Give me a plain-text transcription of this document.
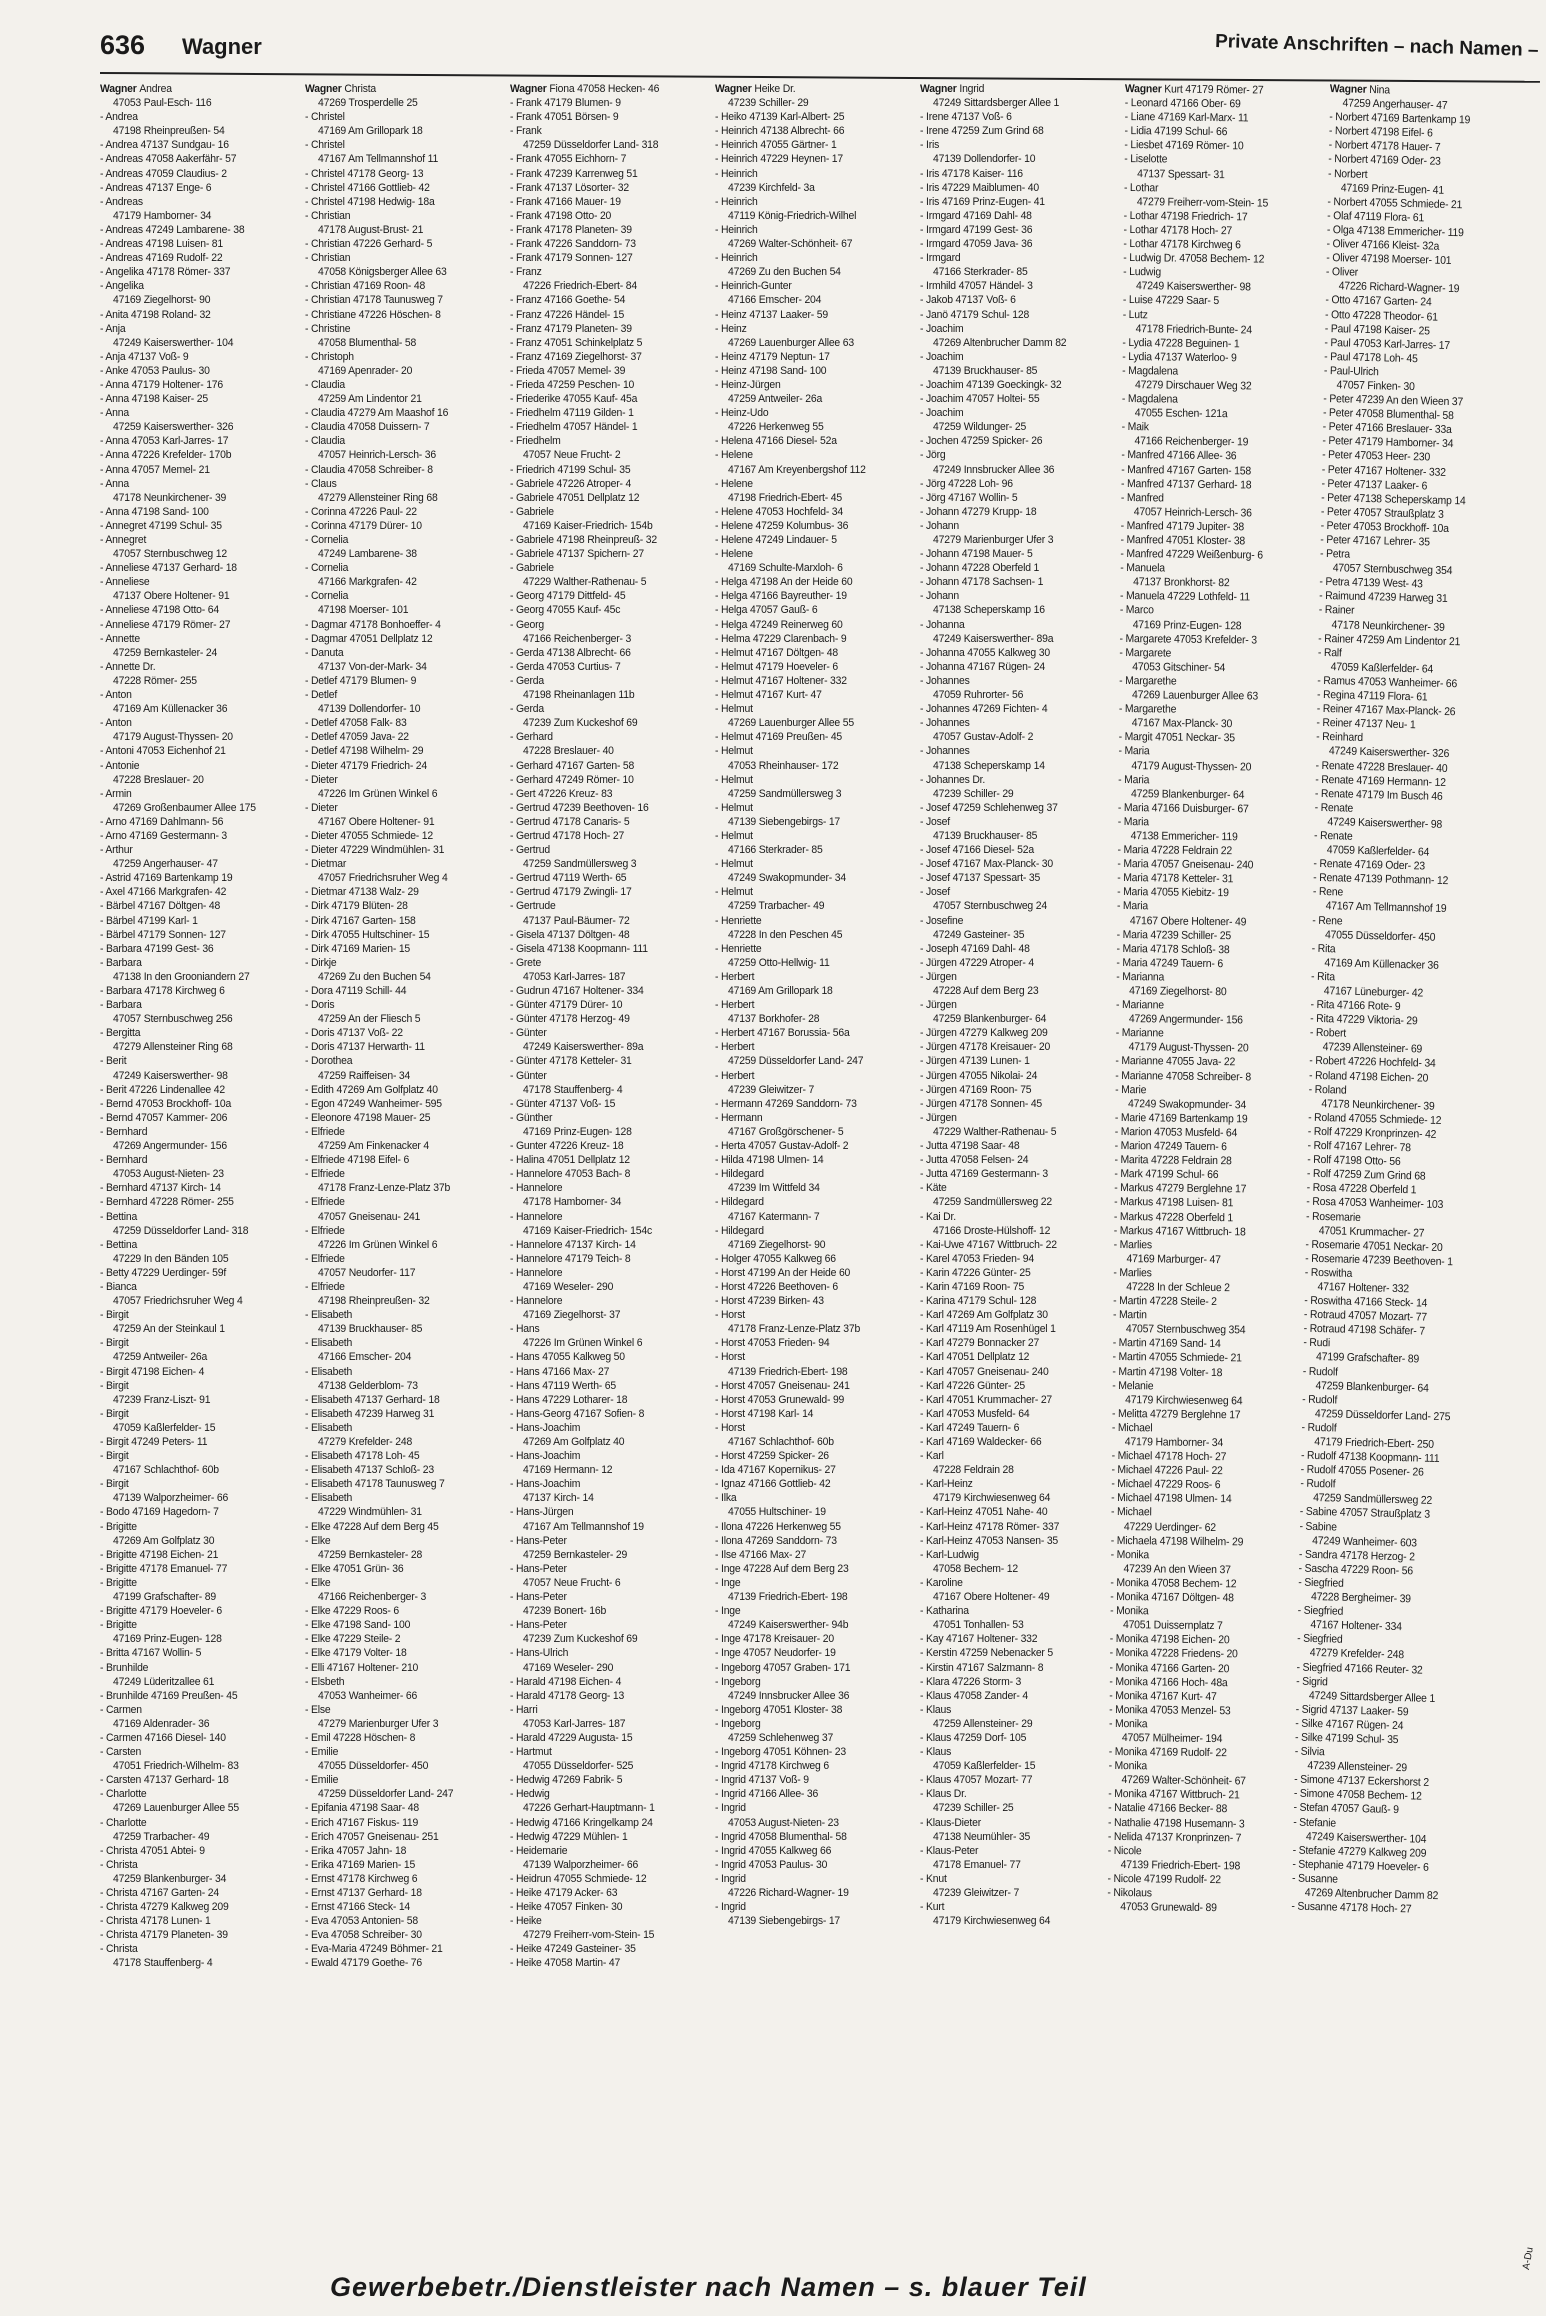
636 Wagner	Private Anschriften – nach Namen –
Wagner Andrea
47053 Paul-Esch- 116
- Andrea
47198 Rheinpreußen- 54
- Andrea 47137 Sundgau- 16
- Andreas 47058 Aakerfähr- 57
- Andreas 47059 Claudius- 2
- Andreas 47137 Enge- 6
- Andreas
47179 Hamborner- 34
- Andreas 47249 Lambarene- 38
- Andreas 47198 Luisen- 81
- Andreas 47169 Rudolf- 22
- Angelika 47178 Römer- 337
- Angelika
47169 Ziegelhorst- 90
- Anita 47198 Roland- 32
- Anja
47249 Kaiserswerther- 104
- Anja 47137 Voß- 9
- Anke 47053 Paulus- 30
- Anna 47179 Holtener- 176
- Anna 47198 Kaiser- 25
- Anna
47259 Kaiserswerther- 326
- Anna 47053 Karl-Jarres- 17
- Anna 47226 Krefelder- 170b
- Anna 47057 Memel- 21
- Anna
47178 Neunkirchener- 39
- Anna 47198 Sand- 100
- Annegret 47199 Schul- 35
- Annegret
47057 Sternbuschweg 12
- Anneliese 47137 Gerhard- 18
- Anneliese
47137 Obere Holtener- 91
- Anneliese 47198 Otto- 64
- Anneliese 47179 Römer- 27
- Annette
47259 Bernkasteler- 24
- Annette Dr.
47228 Römer- 255
- Anton
47169 Am Küllenacker 36
- Anton
47179 August-Thyssen- 20
- Antoni 47053 Eichenhof 21
- Antonie
47228 Breslauer- 20
- Armin
47269 Großenbaumer Allee 175
- Arno 47169 Dahlmann- 56
- Arno 47169 Gestermann- 3
- Arthur
47259 Angerhauser- 47
- Astrid 47169 Bartenkamp 19
- Axel 47166 Markgrafen- 42
- Bärbel 47167 Döltgen- 48
- Bärbel 47199 Karl- 1
- Bärbel 47179 Sonnen- 127
- Barbara 47199 Gest- 36
- Barbara
47138 In den Grooniandern 27
- Barbara 47178 Kirchweg 6
- Barbara
47057 Sternbuschweg 256
- Bergitta
47279 Allensteiner Ring 68
- Berit
47249 Kaiserswerther- 98
- Berit 47226 Lindenallee 42
- Bernd 47053 Brockhoff- 10a
- Bernd 47057 Kammer- 206
- Bernhard
47269 Angermunder- 156
- Bernhard
47053 August-Nieten- 23
- Bernhard 47137 Kirch- 14
- Bernhard 47228 Römer- 255
- Bettina
47259 Düsseldorfer Land- 318
- Bettina
47229 In den Bänden 105
- Betty 47229 Uerdinger- 59f
- Bianca
47057 Friedrichsruher Weg 4
- Birgit
47259 An der Steinkaul 1
- Birgit
47259 Antweiler- 26a
- Birgit 47198 Eichen- 4
- Birgit
47239 Franz-Liszt- 91
- Birgit
47059 Kaßlerfelder- 15
- Birgit 47249 Peters- 11
- Birgit
47167 Schlachthof- 60b
- Birgit
47139 Walporzheimer- 66
- Bodo 47169 Hagedorn- 7
- Brigitte
47269 Am Golfplatz 30
- Brigitte 47198 Eichen- 21
- Brigitte 47178 Emanuel- 77
- Brigitte
47199 Grafschafter- 89
- Brigitte 47179 Hoeveler- 6
- Brigitte
47169 Prinz-Eugen- 128
- Britta 47167 Wollin- 5
- Brunhilde
47249 Lüderitzallee 61
- Brunhilde 47169 Preußen- 45
- Carmen
47169 Aldenrader- 36
- Carmen 47166 Diesel- 140
- Carsten
47051 Friedrich-Wilhelm- 83
- Carsten 47137 Gerhard- 18
- Charlotte
47269 Lauenburger Allee 55
- Charlotte
47259 Trarbacher- 49
- Christa 47051 Abtei- 9
- Christa
47259 Blankenburger- 34
- Christa 47167 Garten- 24
- Christa 47279 Kalkweg 209
- Christa 47178 Lunen- 1
- Christa 47179 Planeten- 39
- Christa
47178 Stauffenberg- 4
Wagner Christa
47269 Trosperdelle 25
- Christel
47169 Am Grillopark 18
- Christel
47167 Am Tellmannshof 11
- Christel 47178 Georg- 13
- Christel 47166 Gottlieb- 42
- Christel 47198 Hedwig- 18a
- Christian
47178 August-Brust- 21
- Christian 47226 Gerhard- 5
- Christian
47058 Königsberger Allee 63
- Christian 47169 Roon- 48
- Christian 47178 Taunusweg 7
- Christiane 47226 Höschen- 8
- Christine
47058 Blumenthal- 58
- Christoph
47169 Apenrader- 20
- Claudia
47259 Am Lindentor 21
- Claudia 47279 Am Maashof 16
- Claudia 47058 Duissern- 7
- Claudia
47057 Heinrich-Lersch- 36
- Claudia 47058 Schreiber- 8
- Claus
47279 Allensteiner Ring 68
- Corinna 47226 Paul- 22
- Corinna 47179 Dürer- 10
- Cornelia
47249 Lambarene- 38
- Cornelia
47166 Markgrafen- 42
- Cornelia
47198 Moerser- 101
- Dagmar 47178 Bonhoeffer- 4
- Dagmar 47051 Dellplatz 12
- Danuta
47137 Von-der-Mark- 34
- Detlef 47179 Blumen- 9
- Detlef
47139 Dollendorfer- 10
- Detlef 47058 Falk- 83
- Detlef 47059 Java- 22
- Detlef 47198 Wilhelm- 29
- Dieter 47179 Friedrich- 24
- Dieter
47226 Im Grünen Winkel 6
- Dieter
47167 Obere Holtener- 91
- Dieter 47055 Schmiede- 12
- Dieter 47229 Windmühlen- 31
- Dietmar
47057 Friedrichsruher Weg 4
- Dietmar 47138 Walz- 29
- Dirk 47179 Blüten- 28
- Dirk 47167 Garten- 158
- Dirk 47055 Hultschiner- 15
- Dirk 47169 Marien- 15
- Dirkje
47269 Zu den Buchen 54
- Dora 47119 Schill- 44
- Doris
47259 An der Fliesch 5
- Doris 47137 Voß- 22
- Doris 47137 Herwarth- 11
- Dorothea
47259 Raiffeisen- 34
- Edith 47269 Am Golfplatz 40
- Egon 47249 Wanheimer- 595
- Eleonore 47198 Mauer- 25
- Elfriede
47259 Am Finkenacker 4
- Elfriede 47198 Eifel- 6
- Elfriede
47178 Franz-Lenze-Platz 37b
- Elfriede
47057 Gneisenau- 241
- Elfriede
47226 Im Grünen Winkel 6
- Elfriede
47057 Neudorfer- 117
- Elfriede
47198 Rheinpreußen- 32
- Elisabeth
47139 Bruckhauser- 85
- Elisabeth
47166 Emscher- 204
- Elisabeth
47138 Gelderblom- 73
- Elisabeth 47137 Gerhard- 18
- Elisabeth 47239 Harweg 31
- Elisabeth
47279 Krefelder- 248
- Elisabeth 47178 Loh- 45
- Elisabeth 47137 Schloß- 23
- Elisabeth 47178 Taunusweg 7
- Elisabeth
47229 Windmühlen- 31
- Elke 47228 Auf dem Berg 45
- Elke
47259 Bernkasteler- 28
- Elke 47051 Grün- 36
- Elke
47166 Reichenberger- 3
- Elke 47229 Roos- 6
- Elke 47198 Sand- 100
- Elke 47229 Steile- 2
- Elke 47179 Volter- 18
- Elli 47167 Holtener- 210
- Elsbeth
47053 Wanheimer- 66
- Else
47279 Marienburger Ufer 3
- Emil 47228 Höschen- 8
- Emilie
47055 Düsseldorfer- 450
- Emilie
47259 Düsseldorfer Land- 247
- Epifania 47198 Saar- 48
- Erich 47167 Fiskus- 119
- Erich 47057 Gneisenau- 251
- Erika 47057 Jahn- 18
- Erika 47169 Marien- 15
- Ernst 47178 Kirchweg 6
- Ernst 47137 Gerhard- 18
- Ernst 47166 Steck- 14
- Eva 47053 Antonien- 58
- Eva 47058 Schreiber- 30
- Eva-Maria 47249 Böhmer- 21
- Ewald 47179 Goethe- 76
Wagner Fiona 47058 Hecken- 46
- Frank 47179 Blumen- 9
- Frank 47051 Börsen- 9
- Frank
47259 Düsseldorfer Land- 318
- Frank 47055 Eichhorn- 7
- Frank 47239 Karrenweg 51
- Frank 47137 Lösorter- 32
- Frank 47166 Mauer- 19
- Frank 47198 Otto- 20
- Frank 47178 Planeten- 39
- Frank 47226 Sanddorn- 73
- Frank 47179 Sonnen- 127
- Franz
47226 Friedrich-Ebert- 84
- Franz 47166 Goethe- 54
- Franz 47226 Händel- 15
- Franz 47179 Planeten- 39
- Franz 47051 Schinkelplatz 5
- Franz 47169 Ziegelhorst- 37
- Frieda 47057 Memel- 39
- Frieda 47259 Peschen- 10
- Friederike 47055 Kauf- 45a
- Friedhelm 47119 Gilden- 1
- Friedhelm 47057 Händel- 1
- Friedhelm
47057 Neue Frucht- 2
- Friedrich 47199 Schul- 35
- Gabriele 47226 Atroper- 4
- Gabriele 47051 Dellplatz 12
- Gabriele
47169 Kaiser-Friedrich- 154b
- Gabriele 47198 Rheinpreuß- 32
- Gabriele 47137 Spichern- 27
- Gabriele
47229 Walther-Rathenau- 5
- Georg 47179 Dittfeld- 45
- Georg 47055 Kauf- 45c
- Georg
47166 Reichenberger- 3
- Gerda 47138 Albrecht- 66
- Gerda 47053 Curtius- 7
- Gerda
47198 Rheinanlagen 11b
- Gerda
47239 Zum Kuckeshof 69
- Gerhard
47228 Breslauer- 40
- Gerhard 47167 Garten- 58
- Gerhard 47249 Römer- 10
- Gert 47226 Kreuz- 83
- Gertrud 47239 Beethoven- 16
- Gertrud 47178 Canaris- 5
- Gertrud 47178 Hoch- 27
- Gertrud
47259 Sandmüllersweg 3
- Gertrud 47119 Werth- 65
- Gertrud 47179 Zwingli- 17
- Gertrude
47137 Paul-Bäumer- 72
- Gisela 47137 Döltgen- 48
- Gisela 47138 Koopmann- 111
- Grete
47053 Karl-Jarres- 187
- Gudrun 47167 Holtener- 334
- Günter 47179 Dürer- 10
- Günter 47178 Herzog- 49
- Günter
47249 Kaiserswerther- 89a
- Günter 47178 Ketteler- 31
- Günter
47178 Stauffenberg- 4
- Günter 47137 Voß- 15
- Günther
47169 Prinz-Eugen- 128
- Gunter 47226 Kreuz- 18
- Halina 47051 Dellplatz 12
- Hannelore 47053 Bach- 8
- Hannelore
47178 Hamborner- 34
- Hannelore
47169 Kaiser-Friedrich- 154c
- Hannelore 47137 Kirch- 14
- Hannelore 47179 Teich- 8
- Hannelore
47169 Weseler- 290
- Hannelore
47169 Ziegelhorst- 37
- Hans
47226 Im Grünen Winkel 6
- Hans 47055 Kalkweg 50
- Hans 47166 Max- 27
- Hans 47119 Werth- 65
- Hans 47229 Lotharer- 18
- Hans-Georg 47167 Sofien- 8
- Hans-Joachim
47269 Am Golfplatz 40
- Hans-Joachim
47169 Hermann- 12
- Hans-Joachim
47137 Kirch- 14
- Hans-Jürgen
47167 Am Tellmannshof 19
- Hans-Peter
47259 Bernkasteler- 29
- Hans-Peter
47057 Neue Frucht- 6
- Hans-Peter
47239 Bonert- 16b
- Hans-Peter
47239 Zum Kuckeshof 69
- Hans-Ulrich
47169 Weseler- 290
- Harald 47198 Eichen- 4
- Harald 47178 Georg- 13
- Harri
47053 Karl-Jarres- 187
- Harald 47229 Augusta- 15
- Hartmut
47055 Düsseldorfer- 525
- Hedwig 47269 Fabrik- 5
- Hedwig
47226 Gerhart-Hauptmann- 1
- Hedwig 47166 Kringelkamp 24
- Hedwig 47229 Mühlen- 1
- Heidemarie
47139 Walporzheimer- 66
- Heidrun 47055 Schmiede- 12
- Heike 47179 Acker- 63
- Heike 47057 Finken- 30
- Heike
47279 Freiherr-vom-Stein- 15
- Heike 47249 Gasteiner- 35
- Heike 47058 Martin- 47
Wagner Heike Dr.
47239 Schiller- 29
- Heiko 47139 Karl-Albert- 25
- Heinrich 47138 Albrecht- 66
- Heinrich 47055 Gärtner- 1
- Heinrich 47229 Heynen- 17
- Heinrich
47239 Kirchfeld- 3a
- Heinrich
47119 König-Friedrich-Wilhel
- Heinrich
47269 Walter-Schönheit- 67
- Heinrich
47269 Zu den Buchen 54
- Heinrich-Gunter
47166 Emscher- 204
- Heinz 47137 Laaker- 59
- Heinz
47269 Lauenburger Allee 63
- Heinz 47179 Neptun- 17
- Heinz 47198 Sand- 100
- Heinz-Jürgen
47259 Antweiler- 26a
- Heinz-Udo
47226 Herkenweg 55
- Helena 47166 Diesel- 52a
- Helene
47167 Am Kreyenbergshof 112
- Helene
47198 Friedrich-Ebert- 45
- Helene 47053 Hochfeld- 34
- Helene 47259 Kolumbus- 36
- Helene 47249 Lindauer- 5
- Helene
47169 Schulte-Marxloh- 6
- Helga 47198 An der Heide 60
- Helga 47166 Bayreuther- 19
- Helga 47057 Gauß- 6
- Helga 47249 Reinerweg 60
- Helma 47229 Clarenbach- 9
- Helmut 47167 Döltgen- 48
- Helmut 47179 Hoeveler- 6
- Helmut 47167 Holtener- 332
- Helmut 47167 Kurt- 47
- Helmut
47269 Lauenburger Allee 55
- Helmut 47169 Preußen- 45
- Helmut
47053 Rheinhauser- 172
- Helmut
47259 Sandmüllersweg 3
- Helmut
47139 Siebengebirgs- 17
- Helmut
47166 Sterkrader- 85
- Helmut
47249 Swakopmunder- 34
- Helmut
47259 Trarbacher- 49
- Henriette
47228 In den Peschen 45
- Henriette
47259 Otto-Hellwig- 11
- Herbert
47169 Am Grillopark 18
- Herbert
47137 Borkhofer- 28
- Herbert 47167 Borussia- 56a
- Herbert
47259 Düsseldorfer Land- 247
- Herbert
47239 Gleiwitzer- 7
- Hermann 47269 Sanddorn- 73
- Hermann
47167 Großgörschener- 5
- Herta 47057 Gustav-Adolf- 2
- Hilda 47198 Ulmen- 14
- Hildegard
47239 Im Wittfeld 34
- Hildegard
47167 Katermann- 7
- Hildegard
47169 Ziegelhorst- 90
- Holger 47055 Kalkweg 66
- Horst 47199 An der Heide 60
- Horst 47226 Beethoven- 6
- Horst 47239 Birken- 43
- Horst
47178 Franz-Lenze-Platz 37b
- Horst 47053 Frieden- 94
- Horst
47139 Friedrich-Ebert- 198
- Horst 47057 Gneisenau- 241
- Horst 47053 Grunewald- 99
- Horst 47198 Karl- 14
- Horst
47167 Schlachthof- 60b
- Horst 47259 Spicker- 26
- Ida 47167 Kopernikus- 27
- Ignaz 47166 Gottlieb- 42
- Ilka
47055 Hultschiner- 19
- Ilona 47226 Herkenweg 55
- Ilona 47269 Sanddorn- 73
- Ilse 47166 Max- 27
- Inge 47228 Auf dem Berg 23
- Inge
47139 Friedrich-Ebert- 198
- Inge
47249 Kaiserswerther- 94b
- Inge 47178 Kreisauer- 20
- Inge 47057 Neudorfer- 19
- Ingeborg 47057 Graben- 171
- Ingeborg
47249 Innsbrucker Allee 36
- Ingeborg 47051 Kloster- 38
- Ingeborg
47259 Schlehenweg 37
- Ingeborg 47051 Köhnen- 23
- Ingrid 47178 Kirchweg 6
- Ingrid 47137 Voß- 9
- Ingrid 47166 Allee- 36
- Ingrid
47053 August-Nieten- 23
- Ingrid 47058 Blumenthal- 58
- Ingrid 47055 Kalkweg 66
- Ingrid 47053 Paulus- 30
- Ingrid
47226 Richard-Wagner- 19
- Ingrid
47139 Siebengebirgs- 17
Wagner Ingrid
47249 Sittardsberger Allee 1
- Irene 47137 Voß- 6
- Irene 47259 Zum Grind 68
- Iris
47139 Dollendorfer- 10
- Iris 47178 Kaiser- 116
- Iris 47229 Maiblumen- 40
- Iris 47169 Prinz-Eugen- 41
- Irmgard 47169 Dahl- 48
- Irmgard 47199 Gest- 36
- Irmgard 47059 Java- 36
- Irmgard
47166 Sterkrader- 85
- Irmhild 47057 Händel- 3
- Jakob 47137 Voß- 6
- Janö 47179 Schul- 128
- Joachim
47269 Altenbrucher Damm 82
- Joachim
47139 Bruckhauser- 85
- Joachim 47139 Goeckingk- 32
- Joachim 47057 Holtei- 55
- Joachim
47259 Wildunger- 25
- Jochen 47259 Spicker- 26
- Jörg
47249 Innsbrucker Allee 36
- Jörg 47228 Loh- 96
- Jörg 47167 Wollin- 5
- Johann 47279 Krupp- 18
- Johann
47279 Marienburger Ufer 3
- Johann 47198 Mauer- 5
- Johann 47228 Oberfeld 1
- Johann 47178 Sachsen- 1
- Johann
47138 Scheperskamp 16
- Johanna
47249 Kaiserswerther- 89a
- Johanna 47055 Kalkweg 30
- Johanna 47167 Rügen- 24
- Johannes
47059 Ruhrorter- 56
- Johannes 47269 Fichten- 4
- Johannes
47057 Gustav-Adolf- 2
- Johannes
47138 Scheperskamp 14
- Johannes Dr.
47239 Schiller- 29
- Josef 47259 Schlehenweg 37
- Josef
47139 Bruckhauser- 85
- Josef 47166 Diesel- 52a
- Josef 47167 Max-Planck- 30
- Josef 47137 Spessart- 35
- Josef
47057 Sternbuschweg 24
- Josefine
47249 Gasteiner- 35
- Joseph 47169 Dahl- 48
- Jürgen 47229 Atroper- 4
- Jürgen
47228 Auf dem Berg 23
- Jürgen
47259 Blankenburger- 64
- Jürgen 47279 Kalkweg 209
- Jürgen 47178 Kreisauer- 20
- Jürgen 47139 Lunen- 1
- Jürgen 47055 Nikolai- 24
- Jürgen 47169 Roon- 75
- Jürgen 47178 Sonnen- 45
- Jürgen
47229 Walther-Rathenau- 5
- Jutta 47198 Saar- 48
- Jutta 47058 Felsen- 24
- Jutta 47169 Gestermann- 3
- Käte
47259 Sandmüllersweg 22
- Kai Dr.
47166 Droste-Hülshoff- 12
- Kai-Uwe 47167 Wittbruch- 22
- Karel 47053 Frieden- 94
- Karin 47226 Günter- 25
- Karin 47169 Roon- 75
- Karina 47179 Schul- 128
- Karl 47269 Am Golfplatz 30
- Karl 47119 Am Rosenhügel 1
- Karl 47279 Bonnacker 27
- Karl 47051 Dellplatz 12
- Karl 47057 Gneisenau- 240
- Karl 47226 Günter- 25
- Karl 47051 Krummacher- 27
- Karl 47053 Musfeld- 64
- Karl 47249 Tauern- 6
- Karl 47169 Waldecker- 66
- Karl
47228 Feldrain 28
- Karl-Heinz
47179 Kirchwiesenweg 64
- Karl-Heinz 47051 Nahe- 40
- Karl-Heinz 47178 Römer- 337
- Karl-Heinz 47053 Nansen- 35
- Karl-Ludwig
47058 Bechem- 12
- Karoline
47167 Obere Holtener- 49
- Katharina
47051 Tonhallen- 53
- Kay 47167 Holtener- 332
- Kerstin 47259 Nebenacker 5
- Kirstin 47167 Salzmann- 8
- Klara 47226 Storm- 3
- Klaus 47058 Zander- 4
- Klaus
47259 Allensteiner- 29
- Klaus 47259 Dorf- 105
- Klaus
47059 Kaßlerfelder- 15
- Klaus 47057 Mozart- 77
- Klaus Dr.
47239 Schiller- 25
- Klaus-Dieter
47138 Neumühler- 35
- Klaus-Peter
47178 Emanuel- 77
- Knut
47239 Gleiwitzer- 7
- Kurt
47179 Kirchwiesenweg 64
Wagner Kurt 47179 Römer- 27
- Leonard 47166 Ober- 69
- Liane 47169 Karl-Marx- 11
- Lidia 47199 Schul- 66
- Liesbet 47169 Römer- 10
- Liselotte
47137 Spessart- 31
- Lothar
47279 Freiherr-vom-Stein- 15
- Lothar 47198 Friedrich- 17
- Lothar 47178 Hoch- 27
- Lothar 47178 Kirchweg 6
- Ludwig Dr. 47058 Bechem- 12
- Ludwig
47249 Kaiserswerther- 98
- Luise 47229 Saar- 5
- Lutz
47178 Friedrich-Bunte- 24
- Lydia 47228 Beguinen- 1
- Lydia 47137 Waterloo- 9
- Magdalena
47279 Dirschauer Weg 32
- Magdalena
47055 Eschen- 121a
- Maik
47166 Reichenberger- 19
- Manfred 47166 Allee- 36
- Manfred 47167 Garten- 158
- Manfred 47137 Gerhard- 18
- Manfred
47057 Heinrich-Lersch- 36
- Manfred 47179 Jupiter- 38
- Manfred 47051 Kloster- 38
- Manfred 47229 Weißenburg- 6
- Manuela
47137 Bronkhorst- 82
- Manuela 47229 Lothfeld- 11
- Marco
47169 Prinz-Eugen- 128
- Margarete 47053 Krefelder- 3
- Margarete
47053 Gitschiner- 54
- Margarethe
47269 Lauenburger Allee 63
- Margarethe
47167 Max-Planck- 30
- Margit 47051 Neckar- 35
- Maria
47179 August-Thyssen- 20
- Maria
47259 Blankenburger- 64
- Maria 47166 Duisburger- 67
- Maria
47138 Emmericher- 119
- Maria 47228 Feldrain 22
- Maria 47057 Gneisenau- 240
- Maria 47178 Ketteler- 31
- Maria 47055 Kiebitz- 19
- Maria
47167 Obere Holtener- 49
- Maria 47239 Schiller- 25
- Maria 47178 Schloß- 38
- Maria 47249 Tauern- 6
- Marianna
47169 Ziegelhorst- 80
- Marianne
47269 Angermunder- 156
- Marianne
47179 August-Thyssen- 20
- Marianne 47055 Java- 22
- Marianne 47058 Schreiber- 8
- Marie
47249 Swakopmunder- 34
- Marie 47169 Bartenkamp 19
- Marion 47053 Musfeld- 64
- Marion 47249 Tauern- 6
- Marita 47228 Feldrain 28
- Mark 47199 Schul- 66
- Markus 47279 Berglehne 17
- Markus 47198 Luisen- 81
- Markus 47228 Oberfeld 1
- Markus 47167 Wittbruch- 18
- Marlies
47169 Marburger- 47
- Marlies
47228 In der Schleue 2
- Martin 47228 Steile- 2
- Martin
47057 Sternbuschweg 354
- Martin 47169 Sand- 14
- Martin 47055 Schmiede- 21
- Martin 47198 Volter- 18
- Melanie
47179 Kirchwiesenweg 64
- Melitta 47279 Berglehne 17
- Michael
47179 Hamborner- 34
- Michael 47178 Hoch- 27
- Michael 47226 Paul- 22
- Michael 47229 Roos- 6
- Michael 47198 Ulmen- 14
- Michael
47229 Uerdinger- 62
- Michaela 47198 Wilhelm- 29
- Monika
47239 An den Wieen 37
- Monika 47058 Bechem- 12
- Monika 47167 Döltgen- 48
- Monika
47051 Duissernplatz 7
- Monika 47198 Eichen- 20
- Monika 47228 Friedens- 20
- Monika 47166 Garten- 20
- Monika 47166 Hoch- 48a
- Monika 47167 Kurt- 47
- Monika 47053 Menzel- 53
- Monika
47057 Mülheimer- 194
- Monika 47169 Rudolf- 22
- Monika
47269 Walter-Schönheit- 67
- Monika 47167 Wittbruch- 21
- Natalie 47166 Becker- 88
- Nathalie 47198 Husemann- 3
- Nelida 47137 Kronprinzen- 7
- Nicole
47139 Friedrich-Ebert- 198
- Nicole 47199 Rudolf- 22
- Nikolaus
47053 Grunewald- 89
Wagner Nina
47259 Angerhauser- 47
- Norbert 47169 Bartenkamp 19
- Norbert 47198 Eifel- 6
- Norbert 47178 Hauer- 7
- Norbert 47169 Oder- 23
- Norbert
47169 Prinz-Eugen- 41
- Norbert 47055 Schmiede- 21
- Olaf 47119 Flora- 61
- Olga 47138 Emmericher- 119
- Oliver 47166 Kleist- 32a
- Oliver 47198 Moerser- 101
- Oliver
47226 Richard-Wagner- 19
- Otto 47167 Garten- 24
- Otto 47228 Theodor- 61
- Paul 47198 Kaiser- 25
- Paul 47053 Karl-Jarres- 17
- Paul 47178 Loh- 45
- Paul-Ulrich
47057 Finken- 30
- Peter 47239 An den Wieen 37
- Peter 47058 Blumenthal- 58
- Peter 47166 Breslauer- 33a
- Peter 47179 Hamborner- 34
- Peter 47053 Heer- 230
- Peter 47167 Holtener- 332
- Peter 47137 Laaker- 6
- Peter 47138 Scheperskamp 14
- Peter 47057 Straußplatz 3
- Peter 47053 Brockhoff- 10a
- Peter 47167 Lehrer- 35
- Petra
47057 Sternbuschweg 354
- Petra 47139 West- 43
- Raimund 47239 Harweg 31
- Rainer
47178 Neunkirchener- 39
- Rainer 47259 Am Lindentor 21
- Ralf
47059 Kaßlerfelder- 64
- Ramus 47053 Wanheimer- 66
- Regina 47119 Flora- 61
- Reiner 47167 Max-Planck- 26
- Reiner 47137 Neu- 1
- Reinhard
47249 Kaiserswerther- 326
- Renate 47228 Breslauer- 40
- Renate 47169 Hermann- 12
- Renate 47179 Im Busch 46
- Renate
47249 Kaiserswerther- 98
- Renate
47059 Kaßlerfelder- 64
- Renate 47169 Oder- 23
- Renate 47139 Pothmann- 12
- Rene
47167 Am Tellmannshof 19
- Rene
47055 Düsseldorfer- 450
- Rita
47169 Am Küllenacker 36
- Rita
47167 Lüneburger- 42
- Rita 47166 Rote- 9
- Rita 47229 Viktoria- 29
- Robert
47239 Allensteiner- 69
- Robert 47226 Hochfeld- 34
- Roland 47198 Eichen- 20
- Roland
47178 Neunkirchener- 39
- Roland 47055 Schmiede- 12
- Rolf 47229 Kronprinzen- 42
- Rolf 47167 Lehrer- 78
- Rolf 47198 Otto- 56
- Rolf 47259 Zum Grind 68
- Rosa 47228 Oberfeld 1
- Rosa 47053 Wanheimer- 103
- Rosemarie
47051 Krummacher- 27
- Rosemarie 47051 Neckar- 20
- Rosemarie 47239 Beethoven- 1
- Roswitha
47167 Holtener- 332
- Roswitha 47166 Steck- 14
- Rotraud 47057 Mozart- 77
- Rotraud 47198 Schäfer- 7
- Rudi
47199 Grafschafter- 89
- Rudolf
47259 Blankenburger- 64
- Rudolf
47259 Düsseldorfer Land- 275
- Rudolf
47179 Friedrich-Ebert- 250
- Rudolf 47138 Koopmann- 111
- Rudolf 47055 Posener- 26
- Rudolf
47259 Sandmüllersweg 22
- Sabine 47057 Straußplatz 3
- Sabine
47249 Wanheimer- 603
- Sandra 47178 Herzog- 2
- Sascha 47229 Roon- 56
- Siegfried
47228 Bergheimer- 39
- Siegfried
47167 Holtener- 334
- Siegfried
47279 Krefelder- 248
- Siegfried 47166 Reuter- 32
- Sigrid
47249 Sittardsberger Allee 1
- Sigrid 47137 Laaker- 59
- Silke 47167 Rügen- 24
- Silke 47199 Schul- 35
- Silvia
47239 Allensteiner- 29
- Simone 47137 Eckershorst 2
- Simone 47058 Bechem- 12
- Stefan 47057 Gauß- 9
- Stefanie
47249 Kaiserswerther- 104
- Stefanie 47279 Kalkweg 209
- Stephanie 47179 Hoeveler- 6
- Susanne
47269 Altenbrucher Damm 82
- Susanne 47178 Hoch- 27
Gewerbebetr./Dienstleister nach Namen – s. blauer Teil
A-Du
